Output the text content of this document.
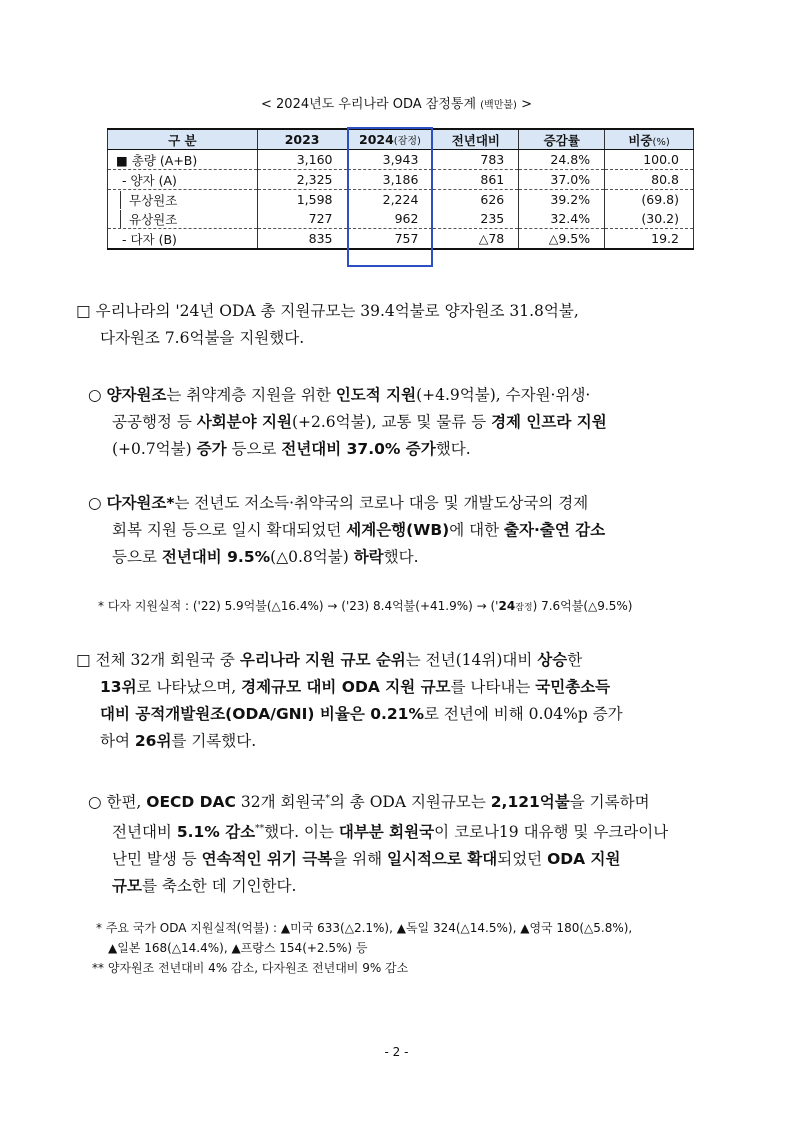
< 2024년도 우리나라 ODA 잠정통계 (백만불) >
구 분	2023	2024(잠정)	전년대비	증감률	비중(%)
■ 총량 (A+B)	3,160	3,943	783	24.8%	100.0
- 양자 (A)	2,325	3,186	861	37.0%	80.8
무상원조	1,598	2,224	626	39.2%	(69.8)
유상원조	727	962	235	32.4%	(30.2)
- 다자 (B)	835	757	△78	△9.5%	19.2
□ 우리나라의 '24년 ODA 총 지원규모는 39.4억불로 양자원조 31.8억불,
다자원조 7.6억불을 지원했다.
○ 양자원조는 취약계층 지원을 위한 인도적 지원(+4.9억불), 수자원·위생·
공공행정 등 사회분야 지원(+2.6억불), 교통 및 물류 등 경제 인프라 지원
(+0.7억불) 증가 등으로 전년대비 37.0% 증가했다.
○ 다자원조*는 전년도 저소득·취약국의 코로나 대응 및 개발도상국의 경제
회복 지원 등으로 일시 확대되었던 세계은행(WB)에 대한 출자·출연 감소
등으로 전년대비 9.5%(△0.8억불) 하락했다.
* 다자 지원실적 : ('22) 5.9억불(△16.4%) → ('23) 8.4억불(+41.9%) → ('24잠정) 7.6억불(△9.5%)
□ 전체 32개 회원국 중 우리나라 지원 규모 순위는 전년(14위)대비 상승한
13위로 나타났으며, 경제규모 대비 ODA 지원 규모를 나타내는 국민총소득
대비 공적개발원조(ODA/GNI) 비율은 0.21%로 전년에 비해 0.04%p 증가
하여 26위를 기록했다.
○ 한편, OECD DAC 32개 회원국*의 총 ODA 지원규모는 2,121억불을 기록하며
전년대비 5.1% 감소**했다. 이는 대부분 회원국이 코로나19 대유행 및 우크라이나
난민 발생 등 연속적인 위기 극복을 위해 일시적으로 확대되었던 ODA 지원
규모를 축소한 데 기인한다.
* 주요 국가 ODA 지원실적(억불) : ▲미국 633(△2.1%), ▲독일 324(△14.5%), ▲영국 180(△5.8%),
▲일본 168(△14.4%), ▲프랑스 154(+2.5%) 등
** 양자원조 전년대비 4% 감소, 다자원조 전년대비 9% 감소
- 2 -
